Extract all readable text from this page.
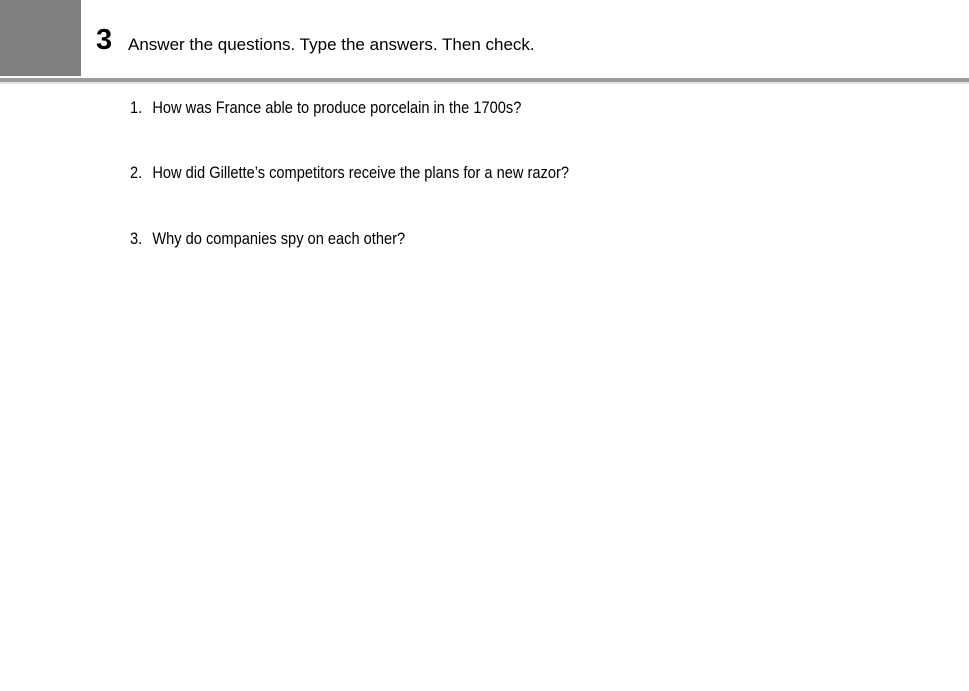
3 Answer the questions. Type the answers. Then check.
1. How was France able to produce porcelain in the 1700s?
2. How did Gillette’s competitors receive the plans for a new razor?
3. Why do companies spy on each other?
